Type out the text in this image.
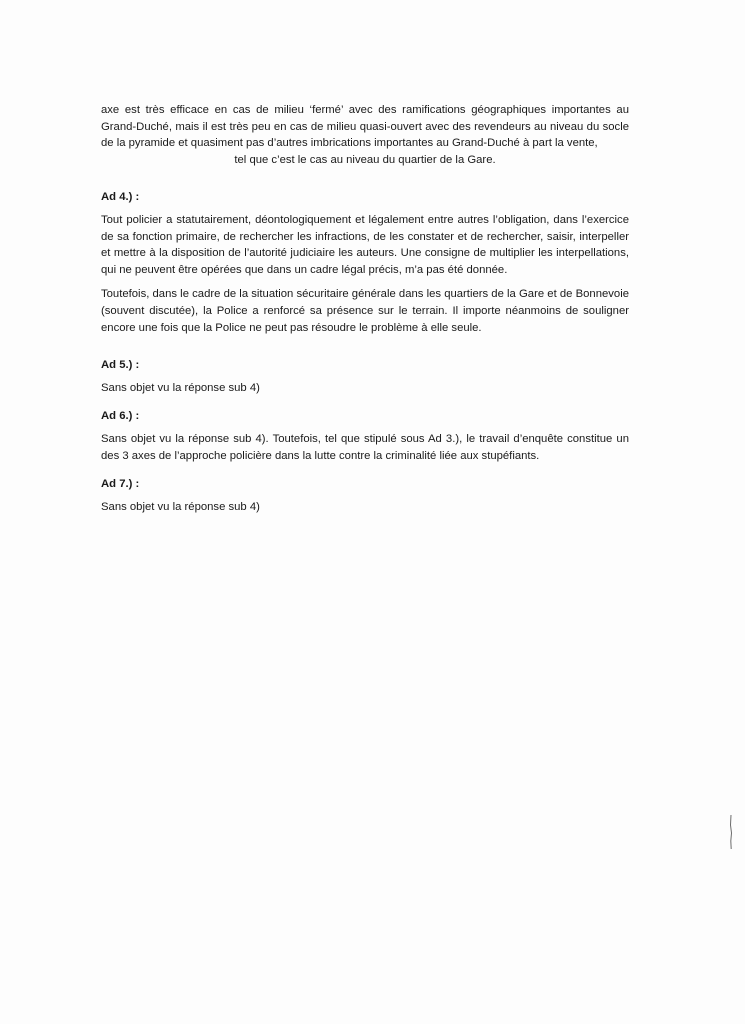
axe est très efficace en cas de milieu ‘fermé’ avec des ramifications géographiques importantes au Grand-Duché, mais il est très peu en cas de milieu quasi-ouvert avec des revendeurs au niveau du socle de la pyramide et quasiment pas d’autres imbrications importantes au Grand-Duché à part la vente,

tel que c’est le cas au niveau du quartier de la Gare.

Ad 4.) :

Tout policier a statutairement, déontologiquement et légalement entre autres l’obligation, dans l’exercice de sa fonction primaire, de rechercher les infractions, de les constater et de rechercher, saisir, interpeller et mettre à la disposition de l’autorité judiciaire les auteurs. Une consigne de multiplier les interpellations, qui ne peuvent être opérées que dans un cadre légal précis, m’a pas été donnée.

Toutefois, dans le cadre de la situation sécuritaire générale dans les quartiers de la Gare et de Bonnevoie (souvent discutée), la Police a renforcé sa présence sur le terrain. Il importe néanmoins de souligner encore une fois que la Police ne peut pas résoudre le problème à elle seule.

Ad 5.) :

Sans objet vu la réponse sub 4)

Ad 6.) :

Sans objet vu la réponse sub 4). Toutefois, tel que stipulé sous Ad 3.), le travail d’enquête constitue un des 3 axes de l’approche policière dans la lutte contre la criminalité liée aux stupéfiants.

Ad 7.) :

Sans objet vu la réponse sub 4)
